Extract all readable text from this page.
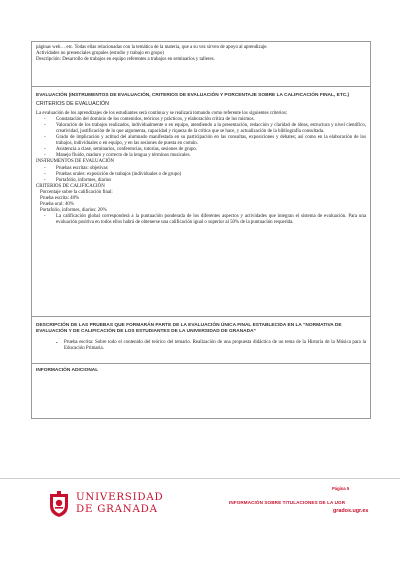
páginas web… etc. Todas ellas relacionadas con la temática de la materia, que a su vez sirven de apoyo al aprendizaje.

Actividades no presenciales grupales (estudio y trabajo en grupo)

Descripción: Desarrollo de trabajos en equipo referentes a trabajos en seminarios y talleres.

EVALUACIÓN (INSTRUMENTOS DE EVALUACIÓN, CRITERIOS DE EVALUACIÓN Y PORCENTAJE SOBRE LA CALIFICACIÓN FINAL, ETC.)

CRITERIOS DE EVALUACIÓN

La evaluación de los aprendizajes de los estudiantes será continua y se realizará tomando como referente los siguientes criterios:

- Constatación del dominio de los contenidos, teóricos y prácticos, y elaboración crítica de los mismos.
- Valoración de los trabajos realizados, individualmente o en equipo, atendiendo a la presentación, redacción y claridad de ideas, estructura y nivel científico, creatividad, justificación de lo que argumenta, capacidad y riqueza de la crítica que se hace, y actualización de la bibliografía consultada.
- Grado de implicación y actitud del alumnado manifestada en su participación en las consultas, exposiciones y debates; así como en la elaboración de los trabajos, individuales o en equipo, y en las sesiones de puesta en común.
- Asistencia a clase, seminarios, conferencias, tutorías, sesiones de grupo.
- Manejo fluido, maduro y correcto de la lengua y términos musicales.

INSTRUMENTOS DE EVALUACIÓN

- Pruebas escritas: objetivas
- Pruebas orales: exposición de trabajos (individuales o de grupo)
- Portafolio, informes, diarios

CRITERIOS DE CALIFICACIÓN

Porcentaje sobre la calificación final:

Prueba escrita: 40%

Prueba oral: 40%

Portafolio, informes, diarios: 20%

- La calificación global corresponderá a la puntuación ponderada de los diferentes aspectos y actividades que integran el sistema de evaluación. Para una evaluación positiva en todos ellos habrá de obtenerse una calificación igual o superior al 50% de la puntuación requerida.

DESCRIPCIÓN DE LAS PRUEBAS QUE FORMARÁN PARTE DE LA EVALUACIÓN ÚNICA FINAL ESTABLECIDA EN LA “NORMATIVA DE EVALUACIÓN Y DE CALIFICACIÓN DE LOS ESTUDIANTES DE LA UNIVERSIDAD DE GRANADA”

• Prueba escrita: Sobre todo el contenido del teórico del temario. Realización de una propuesta didáctica de un tema de la Historia de la Música para la Educación Primaria.

INFORMACIÓN ADICIONAL

UNIVERSIDAD
DE GRANADA
Página 5
INFORMACIÓN SOBRE TITULACIONES DE LA UGR
grados.ugr.es
